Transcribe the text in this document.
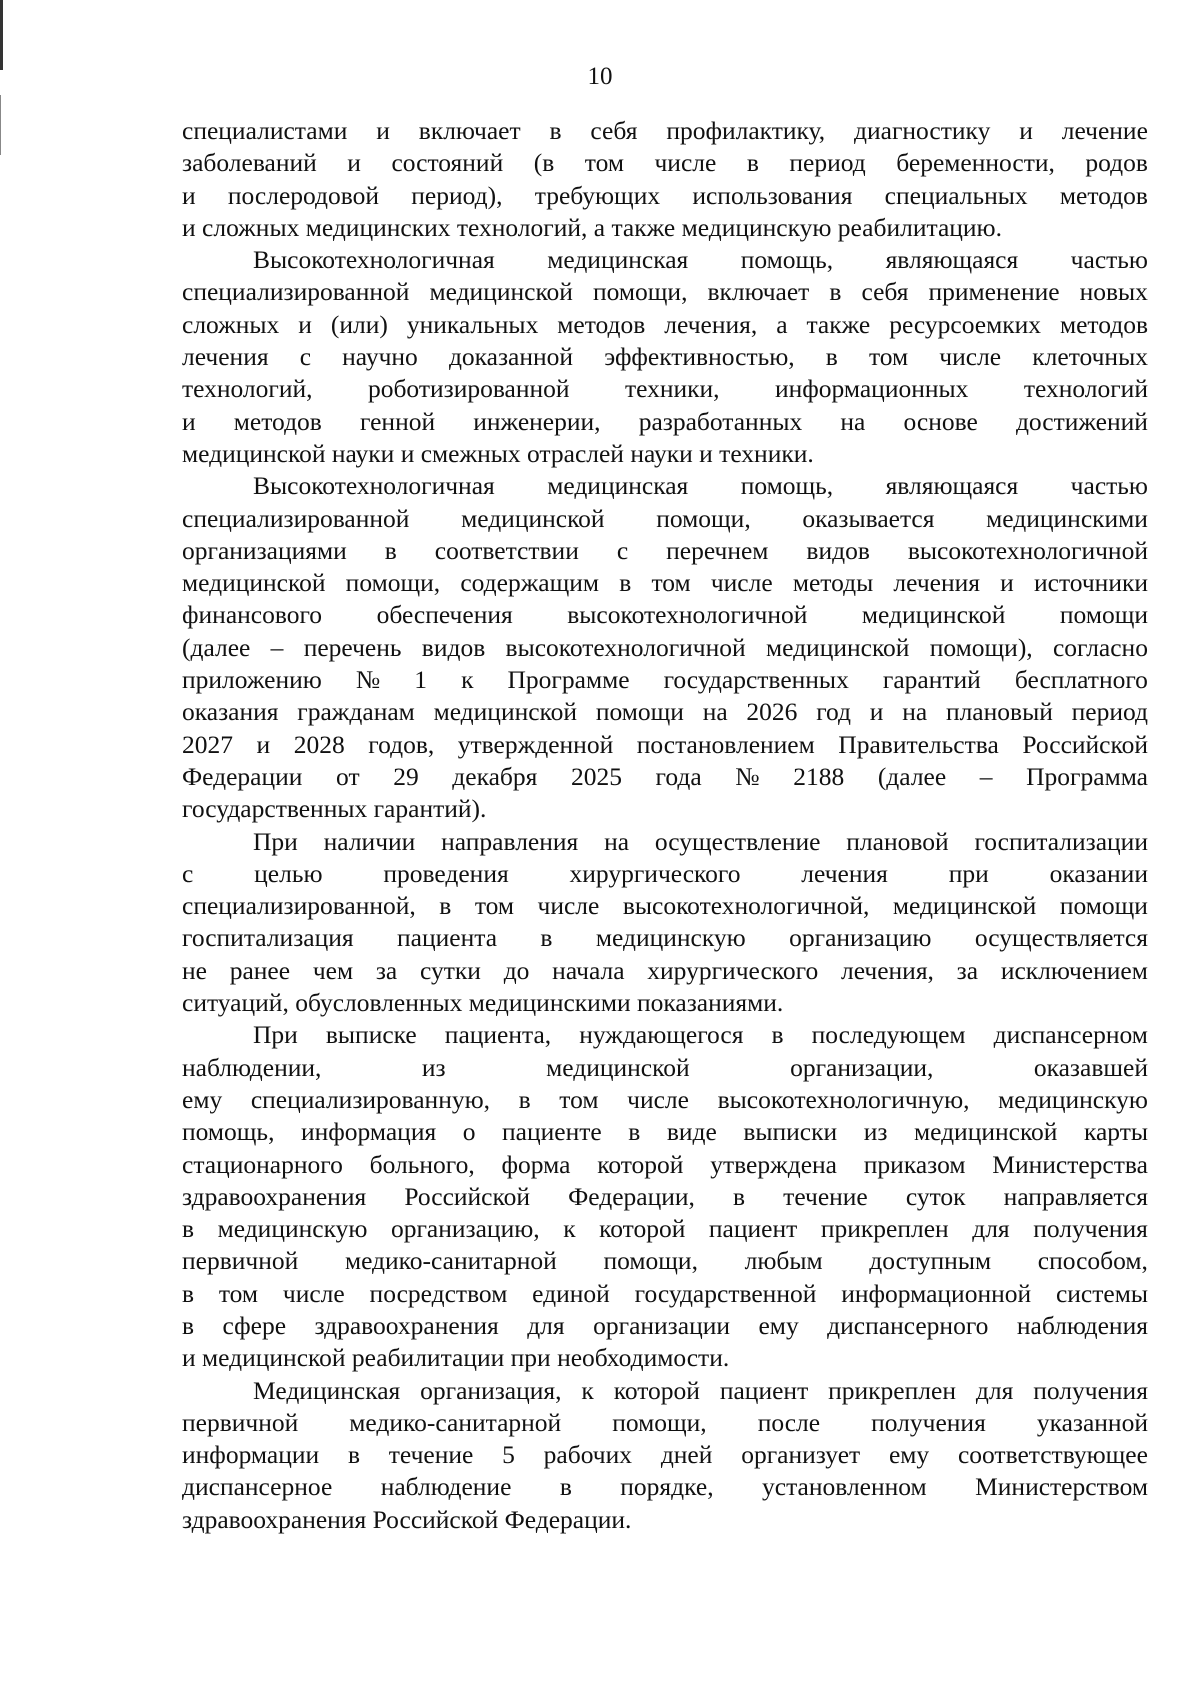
10
специалистами и включает в себя профилактику, диагностику и лечение
заболеваний и состояний (в том числе в период беременности, родов
и послеродовой период), требующих использования специальных методов
и сложных медицинских технологий, а также медицинскую реабилитацию.
Высокотехнологичная медицинская помощь, являющаяся частью
специализированной медицинской помощи, включает в себя применение новых
сложных и (или) уникальных методов лечения, а также ресурсоемких методов
лечения с научно доказанной эффективностью, в том числе клеточных
технологий, роботизированной техники, информационных технологий
и методов генной инженерии, разработанных на основе достижений
медицинской науки и смежных отраслей науки и техники.
Высокотехнологичная медицинская помощь, являющаяся частью
специализированной медицинской помощи, оказывается медицинскими
организациями в соответствии с перечнем видов высокотехнологичной
медицинской помощи, содержащим в том числе методы лечения и источники
финансового обеспечения высокотехнологичной медицинской помощи
(далее – перечень видов высокотехнологичной медицинской помощи), согласно
приложению № 1 к Программе государственных гарантий бесплатного
оказания гражданам медицинской помощи на 2026 год и на плановый период
2027 и 2028 годов, утвержденной постановлением Правительства Российской
Федерации от 29 декабря 2025 года № 2188 (далее – Программа
государственных гарантий).
При наличии направления на осуществление плановой госпитализации
с целью проведения хирургического лечения при оказании
специализированной, в том числе высокотехнологичной, медицинской помощи
госпитализация пациента в медицинскую организацию осуществляется
не ранее чем за сутки до начала хирургического лечения, за исключением
ситуаций, обусловленных медицинскими показаниями.
При выписке пациента, нуждающегося в последующем диспансерном
наблюдении,	из	медицинской	организации,	оказавшей
ему специализированную, в том числе высокотехнологичную, медицинскую
помощь, информация о пациенте в виде выписки из медицинской карты
стационарного больного, форма которой утверждена приказом Министерства
здравоохранения Российской Федерации, в течение суток направляется
в медицинскую организацию, к которой пациент прикреплен для получения
первичной медико-санитарной помощи, любым доступным способом,
в том числе посредством единой государственной информационной системы
в сфере здравоохранения для организации ему диспансерного наблюдения
и медицинской реабилитации при необходимости.
Медицинская организация, к которой пациент прикреплен для получения
первичной медико-санитарной помощи, после получения указанной
информации в течение 5 рабочих дней организует ему соответствующее
диспансерное наблюдение в порядке, установленном Министерством
здравоохранения Российской Федерации.
